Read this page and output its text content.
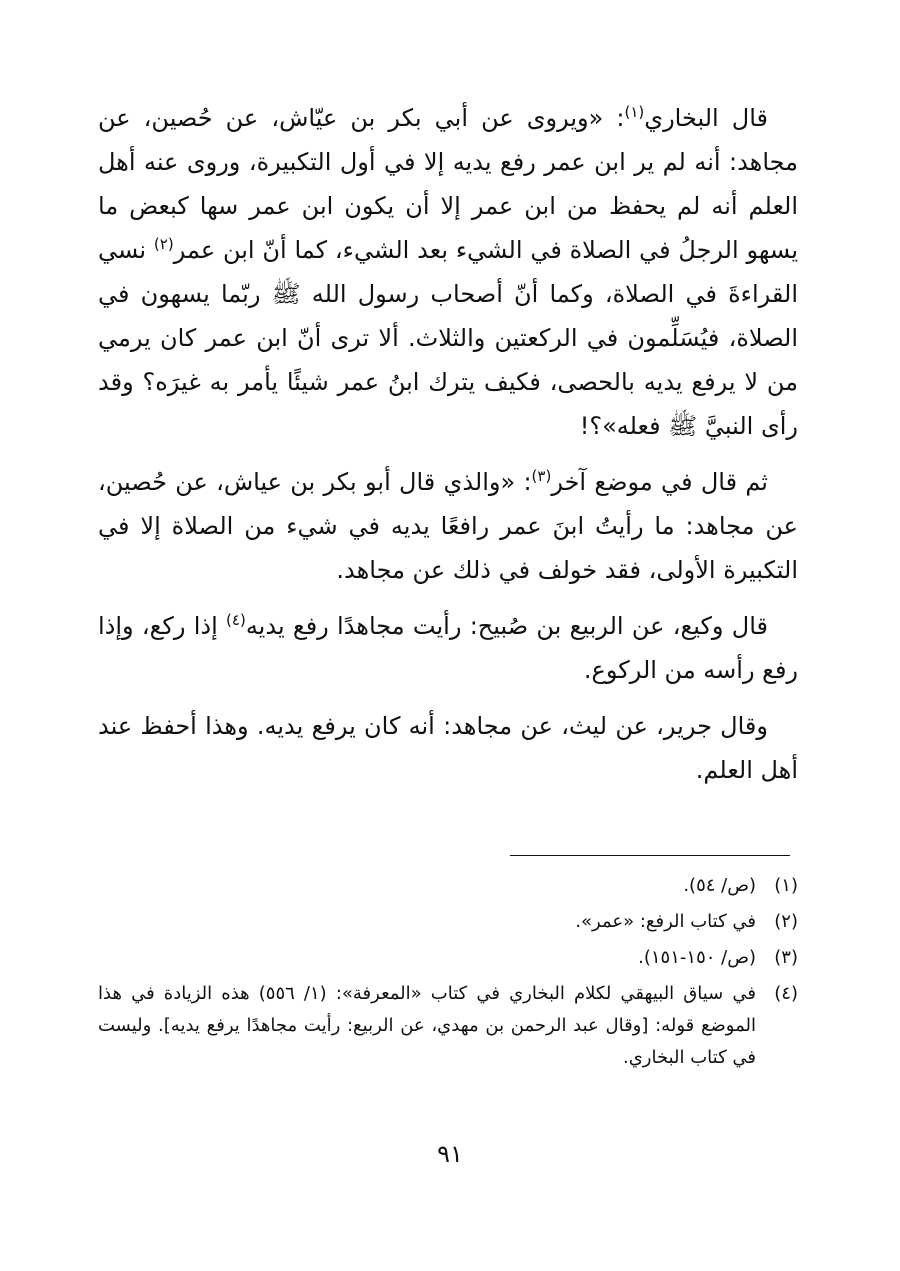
قال البخاري$^{(١)}$: «ويروى عن أبي بكر بن عيّاش، عن حُصين، عن مجاهد: أنه لم ير ابن عمر رفع يديه إلا في أول التكبيرة، وروى عنه أهل العلم أنه لم يحفظ من ابن عمر إلا أن يكون ابن عمر سها كبعض ما يسهو الرجلُ في الصلاة في الشيء بعد الشيء، كما أنّ ابن عمر$^{(٢)}$ نسي القراءةَ في الصلاة، وكما أنّ أصحاب رسول الله ﷺ ربّما يسهون في الصلاة، فيُسَلِّمون في الركعتين والثلاث. ألا ترى أنّ ابن عمر كان يرمي من لا يرفع يديه بالحصى، فكيف يترك ابنُ عمر شيئًا يأمر به غيرَه؟ وقد رأى النبيَّ ﷺ فعله»؟!

ثم قال في موضع آخر$^{(٣)}$: «والذي قال أبو بكر بن عياش، عن حُصين، عن مجاهد: ما رأيتُ ابنَ عمر رافعًا يديه في شيء من الصلاة إلا في التكبيرة الأولى، فقد خولف في ذلك عن مجاهد.

قال وكيع، عن الربيع بن صُبيح: رأيت مجاهدًا رفع يديه$^{(٤)}$ إذا ركع، وإذا رفع رأسه من الركوع.

وقال جرير، عن ليث، عن مجاهد: أنه كان يرفع يديه. وهذا أحفظ عند أهل العلم.

(١)
(ص/ ٥٤).
(٢)
في كتاب الرفع: «عمر».
(٣)
(ص/ ١٥٠-١٥١).
(٤)
في سياق البيهقي لكلام البخاري في كتاب «المعرفة»: (١/ ٥٥٦) هذه الزيادة في هذا الموضع قوله: [وقال عبد الرحمن بن مهدي، عن الربيع: رأيت مجاهدًا يرفع يديه]. وليست في كتاب البخاري.
٩١
